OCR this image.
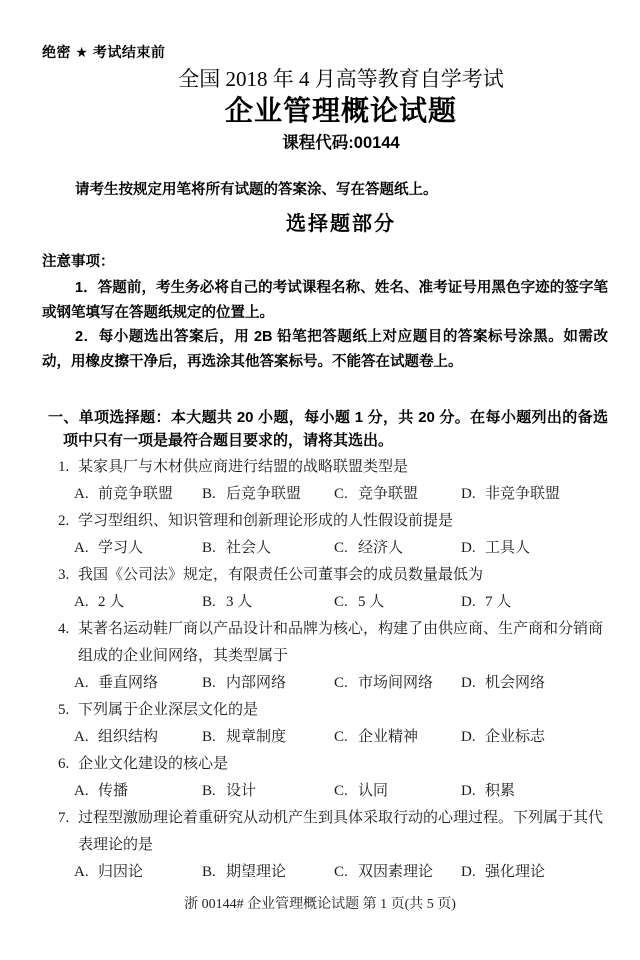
绝密 ★ 考试结束前
全国 2018 年 4 月高等教育自学考试
企业管理概论试题
课程代码:00144
请考生按规定用笔将所有试题的答案涂、写在答题纸上。
选择题部分
注意事项：

1．答题前，考生务必将自己的考试课程名称、姓名、准考证号用黑色字迹的签字笔或钢笔填写在答题纸规定的位置上。

2．每小题选出答案后，用 2B 铅笔把答题纸上对应题目的答案标号涂黑。如需改动，用橡皮擦干净后，再选涂其他答案标号。不能答在试题卷上。

一、单项选择题：本大题共 20 小题，每小题 1 分，共 20 分。在每小题列出的备选项中只有一项是最符合题目要求的，请将其选出。
1. 某家具厂与木材供应商进行结盟的战略联盟类型是
A. 前竞争联盟	B. 后竞争联盟	C. 竞争联盟	D. 非竞争联盟
2. 学习型组织、知识管理和创新理论形成的人性假设前提是
A. 学习人	B. 社会人	C. 经济人	D. 工具人
3. 我国《公司法》规定，有限责任公司董事会的成员数量最低为
A. 2 人	B. 3 人	C. 5 人	D. 7 人
4. 某著名运动鞋厂商以产品设计和品牌为核心，构建了由供应商、生产商和分销商组成的企业间网络，其类型属于
A. 垂直网络	B. 内部网络	C. 市场间网络	D. 机会网络
5. 下列属于企业深层文化的是
A. 组织结构	B. 规章制度	C. 企业精神	D. 企业标志
6. 企业文化建设的核心是
A. 传播	B. 设计	C. 认同	D. 积累
7. 过程型激励理论着重研究从动机产生到具体采取行动的心理过程。下列属于其代表理论的是
A. 归因论	B. 期望理论	C. 双因素理论	D. 强化理论
浙 00144# 企业管理概论试题 第 1 页(共 5 页)
